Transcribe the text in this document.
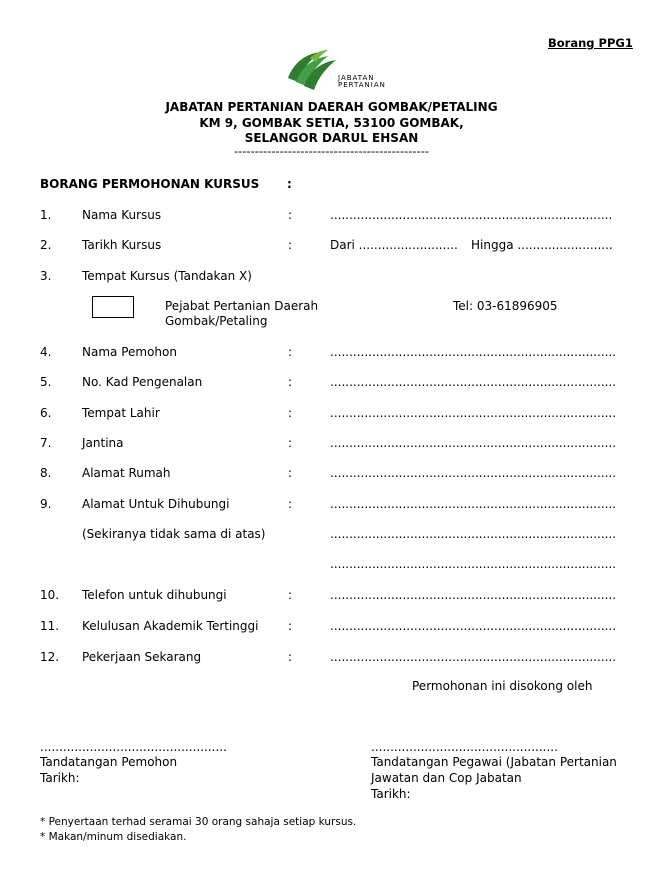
Borang PPG1
JABATAN
PERTANIAN
JABATAN PERTANIAN DAERAH GOMBAK/PETALING
KM 9, GOMBAK SETIA, 53100 GOMBAK,
SELANGOR DARUL EHSAN
-----------------------------------------------
BORANG PERMOHONAN KURSUS :
1.	Nama Kursus	:	..........................................................................
2.	Tarikh Kursus	:	Dari .......................... Hingga .........................
3.	Tempat Kursus (Tandakan X)
Pejabat Pertanian Daerah
Gombak/Petaling
Tel: 03-61896905
4.	Nama Pemohon	:	...........................................................................
5.	No. Kad Pengenalan	:	...........................................................................
6.	Tempat Lahir	:	...........................................................................
7.	Jantina	:	...........................................................................
8.	Alamat Rumah	:	...........................................................................
9.	Alamat Untuk Dihubungi	:	...........................................................................
(Sekiranya tidak sama di atas)	...........................................................................
...........................................................................
10. Telefon untuk dihubungi	:	...........................................................................
11. Kelulusan Akademik Tertinggi :	...........................................................................
12. Pekerjaan Sekarang	:	...........................................................................
Permohonan ini disokong oleh
.................................................
Tandatangan Pemohon
Tarikh:
.................................................
Tandatangan Pegawai (Jabatan Pertanian
Jawatan dan Cop Jabatan
Tarikh:
* Penyertaan terhad seramai 30 orang sahaja setiap kursus.
* Makan/minum disediakan.
